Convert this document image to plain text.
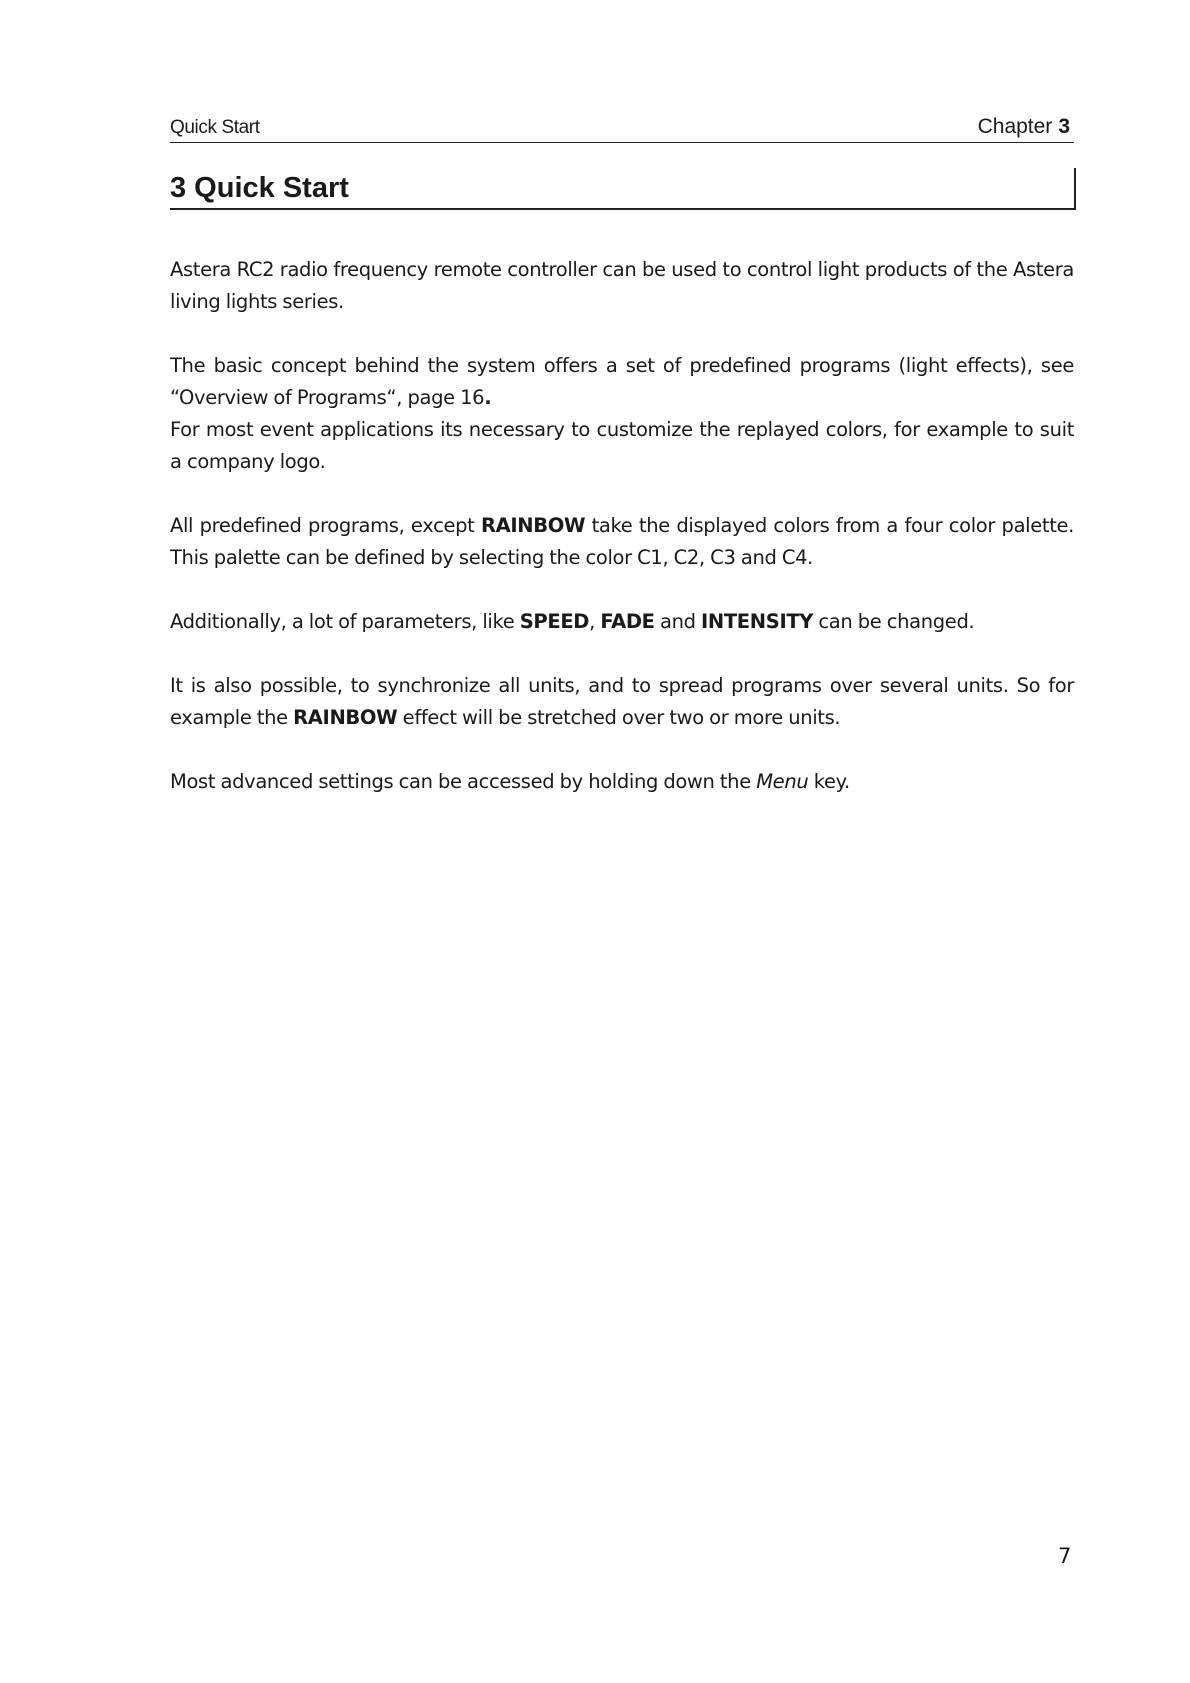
Quick Start	Chapter 3
3 Quick Start

Astera RC2 radio frequency remote controller can be used to control light products of the Astera living lights series.

The basic concept behind the system offers a set of predefined programs (light effects), see “Overview of Programs“, page 16.

For most event applications its necessary to customize the replayed colors, for example to suit a company logo.

All predefined programs, except RAINBOW take the displayed colors from a four color palette. This palette can be defined by selecting the color C1, C2, C3 and C4.

Additionally, a lot of parameters, like SPEED, FADE and INTENSITY can be changed.

It is also possible, to synchronize all units, and to spread programs over several units. So for example the RAINBOW effect will be stretched over two or more units.

Most advanced settings can be accessed by holding down the Menu key.

7
